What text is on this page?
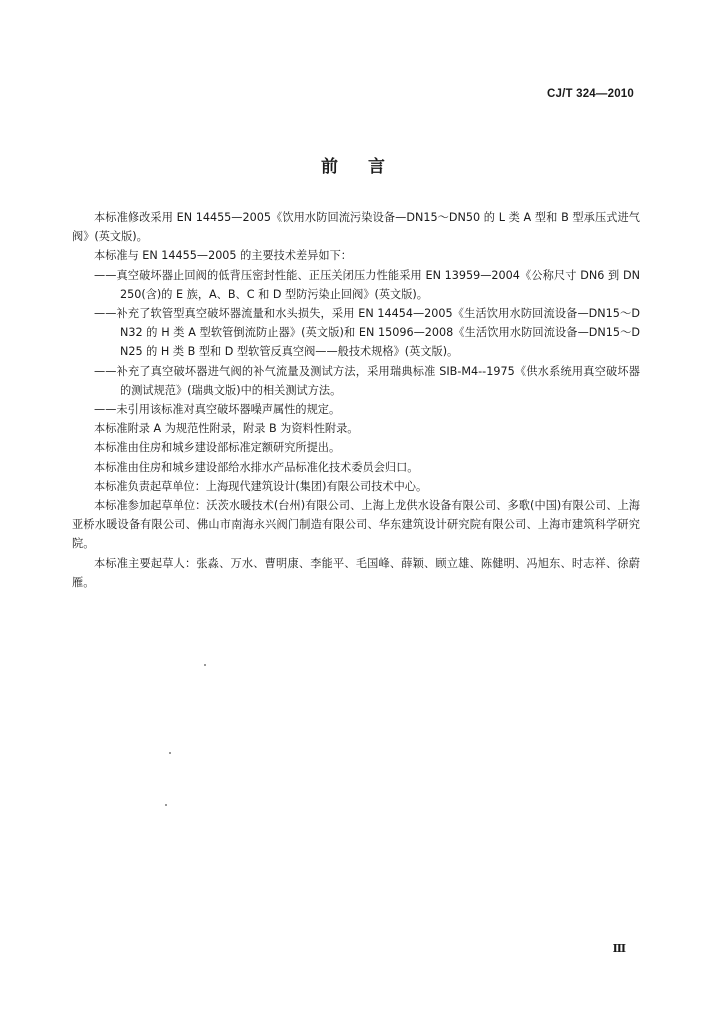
CJ/T 324—2010
前言

本标准修改采用 EN 14455—2005《饮用水防回流污染设备—DN15～DN50 的 L 类 A 型和 B 型承压式进气阀》(英文版)。

本标准与 EN 14455—2005 的主要技术差异如下：

——真空破坏器止回阀的低背压密封性能、正压关闭压力性能采用 EN 13959—2004《公称尺寸 DN6 到 DN250(含)的 E 族，A、B、C 和 D 型防污染止回阀》(英文版)。

——补充了软管型真空破坏器流量和水头损失，采用 EN 14454—2005《生活饮用水防回流设备—DN15～DN32 的 H 类 A 型软管倒流防止器》(英文版)和 EN 15096—2008《生活饮用水防回流设备—DN15～DN25 的 H 类 B 型和 D 型软管反真空阀——般技术规格》(英文版)。

——补充了真空破坏器进气阀的补气流量及测试方法，采用瑞典标准 SIB-M4--1975《供水系统用真空破坏器的测试规范》(瑞典文版)中的相关测试方法。

——未引用该标准对真空破坏器噪声属性的规定。

本标准附录 A 为规范性附录，附录 B 为资料性附录。

本标准由住房和城乡建设部标准定额研究所提出。

本标准由住房和城乡建设部给水排水产品标准化技术委员会归口。

本标准负责起草单位：上海现代建筑设计(集团)有限公司技术中心。

本标准参加起草单位：沃茨水暖技术(台州)有限公司、上海上龙供水设备有限公司、多歌(中国)有限公司、上海亚桥水暖设备有限公司、佛山市南海永兴阀门制造有限公司、华东建筑设计研究院有限公司、上海市建筑科学研究院。

本标准主要起草人：张淼、万水、曹明康、李能平、毛国峰、薛颖、顾立雄、陈健明、冯旭东、时志祥、徐蔚雁。

Ⅲ
